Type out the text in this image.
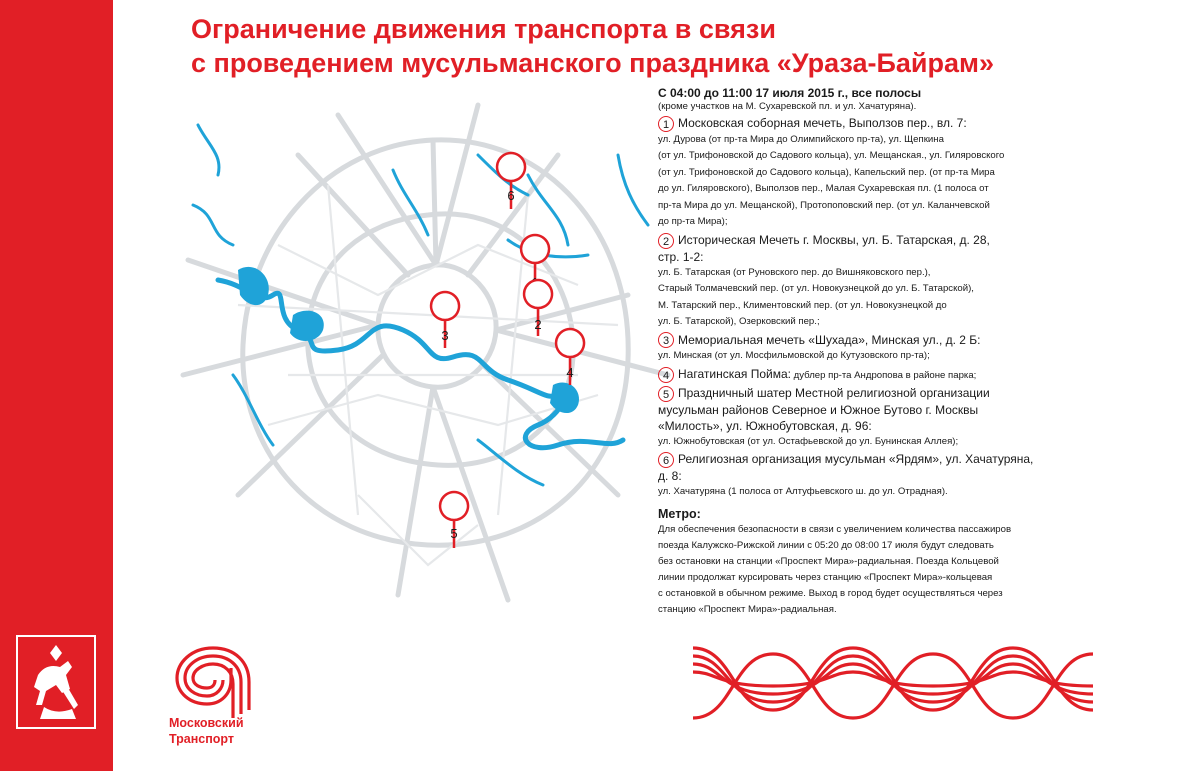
Ограничение движения транспорта в связи
с проведением мусульманского праздника «Ураза-Байрам»
2
3
4
5
6
С 04:00 до 11:00 17 июля 2015 г., все полосы
(кроме участков на М. Сухаревской пл. и ул. Хачатуряна).
1 Московская соборная мечеть, Выползов пер., вл. 7:
ул. Дурова (от пр-та Мира до Олимпийского пр-та), ул. Щепкина
(от ул. Трифоновской до Садового кольца), ул. Мещанская., ул. Гиляровского
(от ул. Трифоновской до Садового кольца), Капельский пер. (от пр-та Мира
до ул. Гиляровского), Выползов пер., Малая Сухаревская пл. (1 полоса от
пр-та Мира до ул. Мещанской), Протопоповский пер. (от ул. Каланчевской
до пр-та Мира);
2 Историческая Мечеть г. Москвы, ул. Б. Татарская, д. 28,
стр. 1-2:
ул. Б. Татарская (от Руновского пер. до Вишняковского пер.),
Старый Толмачевский пер. (от ул. Новокузнецкой до ул. Б. Татарской),
М. Татарский пер., Климентовский пер. (от ул. Новокузнецкой до
ул. Б. Татарской), Озерковский пер.;
3 Мемориальная мечеть «Шухада», Минская ул., д. 2 Б:
ул. Минская (от ул. Мосфильмовской до Кутузовского пр-та);
4 Нагатинская Пойма: дублер пр-та Андропова в районе парка;
5 Праздничный шатер Местной религиозной организации
мусульман районов Северное и Южное Бутово г. Москвы
«Милость», ул. Южнобутовская, д. 96:
ул. Южнобутовская (от ул. Остафьевской до ул. Бунинская Аллея);
6 Религиозная организация мусульман «Ярдям», ул. Хачатуряна,
д. 8:
ул. Хачатуряна (1 полоса от Алтуфьевского ш. до ул. Отрадная).
Метро:
Для обеспечения безопасности в связи с увеличением количества пассажиров
поезда Калужско-Рижской линии с 05:20 до 08:00 17 июля будут следовать
без остановки на станции «Проспект Мира»-радиальная. Поезда Кольцевой
линии продолжат курсировать через станцию «Проспект Мира»-кольцевая
с остановкой в обычном режиме. Выход в город будет осуществляться через
станцию «Проспект Мира»-радиальная.
Московский
Транспорт
